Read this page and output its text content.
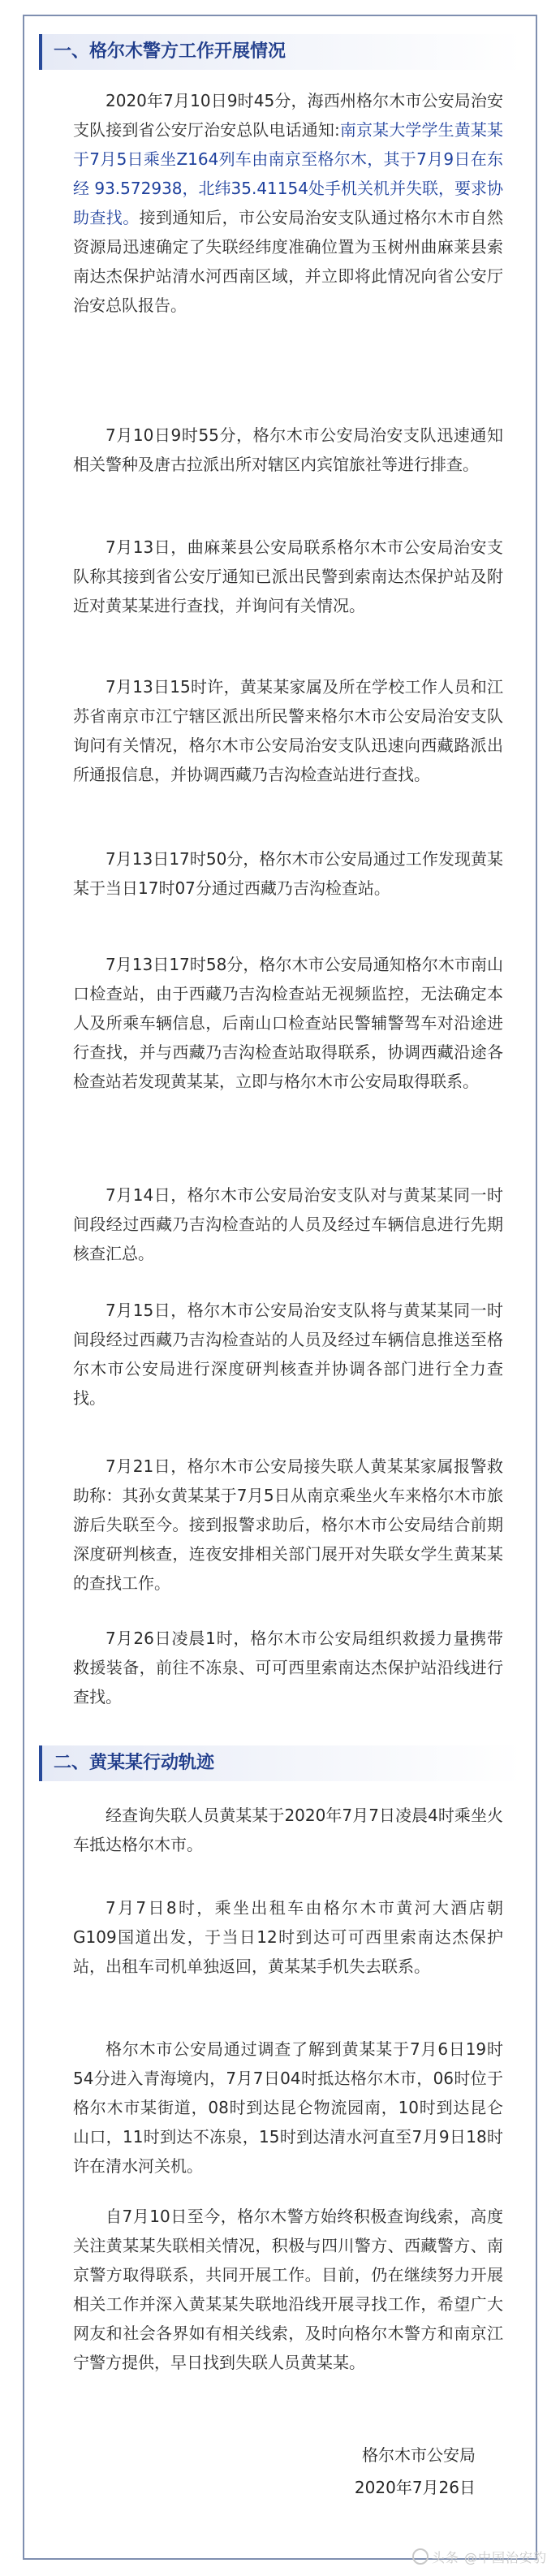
一、格尔木警方工作开展情况
2020年7月10日9时45分，海西州格尔木市公安局治安支队接到省公安厅治安总队电话通知:南京某大学学生黄某某于7月5日乘坐Z164列车由南京至格尔木，其于7月9日在东经 93.572938，北纬35.41154处手机关机并失联，要求协助查找。接到通知后，市公安局治安支队通过格尔木市自然资源局迅速确定了失联经纬度准确位置为玉树州曲麻莱县索南达杰保护站清水河西南区域，并立即将此情况向省公安厅治安总队报告。
7月10日9时55分，格尔木市公安局治安支队迅速通知相关警种及唐古拉派出所对辖区内宾馆旅社等进行排查。
7月13日，曲麻莱县公安局联系格尔木市公安局治安支队称其接到省公安厅通知已派出民警到索南达杰保护站及附近对黄某某进行查找，并询问有关情况。
7月13日15时许，黄某某家属及所在学校工作人员和江苏省南京市江宁辖区派出所民警来格尔木市公安局治安支队询问有关情况，格尔木市公安局治安支队迅速向西藏路派出所通报信息，并协调西藏乃吉沟检查站进行查找。
7月13日17时50分，格尔木市公安局通过工作发现黄某某于当日17时07分通过西藏乃吉沟检查站。
7月13日17时58分，格尔木市公安局通知格尔木市南山口检查站，由于西藏乃吉沟检查站无视频监控，无法确定本人及所乘车辆信息，后南山口检查站民警辅警驾车对沿途进行查找，并与西藏乃吉沟检查站取得联系，协调西藏沿途各检查站若发现黄某某，立即与格尔木市公安局取得联系。
7月14日，格尔木市公安局治安支队对与黄某某同一时间段经过西藏乃吉沟检查站的人员及经过车辆信息进行先期核查汇总。
7月15日，格尔木市公安局治安支队将与黄某某同一时间段经过西藏乃吉沟检查站的人员及经过车辆信息推送至格尔木市公安局进行深度研判核查并协调各部门进行全力查找。
7月21日，格尔木市公安局接失联人黄某某家属报警救助称：其孙女黄某某于7月5日从南京乘坐火车来格尔木市旅游后失联至今。接到报警求助后，格尔木市公安局结合前期深度研判核查，连夜安排相关部门展开对失联女学生黄某某的查找工作。
7月26日凌晨1时，格尔木市公安局组织救援力量携带救援装备，前往不冻泉、可可西里索南达杰保护站沿线进行查找。
二、黄某某行动轨迹
经查询失联人员黄某某于2020年7月7日凌晨4时乘坐火车抵达格尔木市。
7月7日8时，乘坐出租车由格尔木市黄河大酒店朝G109国道出发，于当日12时到达可可西里索南达杰保护站，出租车司机单独返回，黄某某手机失去联系。
格尔木市公安局通过调查了解到黄某某于7月6日19时54分进入青海境内，7月7日04时抵达格尔木市，06时位于格尔木市某街道，08时到达昆仑物流园南，10时到达昆仑山口，11时到达不冻泉，15时到达清水河直至7月9日18时许在清水河关机。
自7月10日至今，格尔木警方始终积极查询线索，高度关注黄某某失联相关情况，积极与四川警方、西藏警方、南京警方取得联系，共同开展工作。目前，仍在继续努力开展相关工作并深入黄某某失联地沿线开展寻找工作，希望广大网友和社会各界如有相关线索，及时向格尔木警方和南京江宁警方提供，早日找到失联人员黄某某。
格尔木市公安局
2020年7月26日
头条 @中国治安豹
